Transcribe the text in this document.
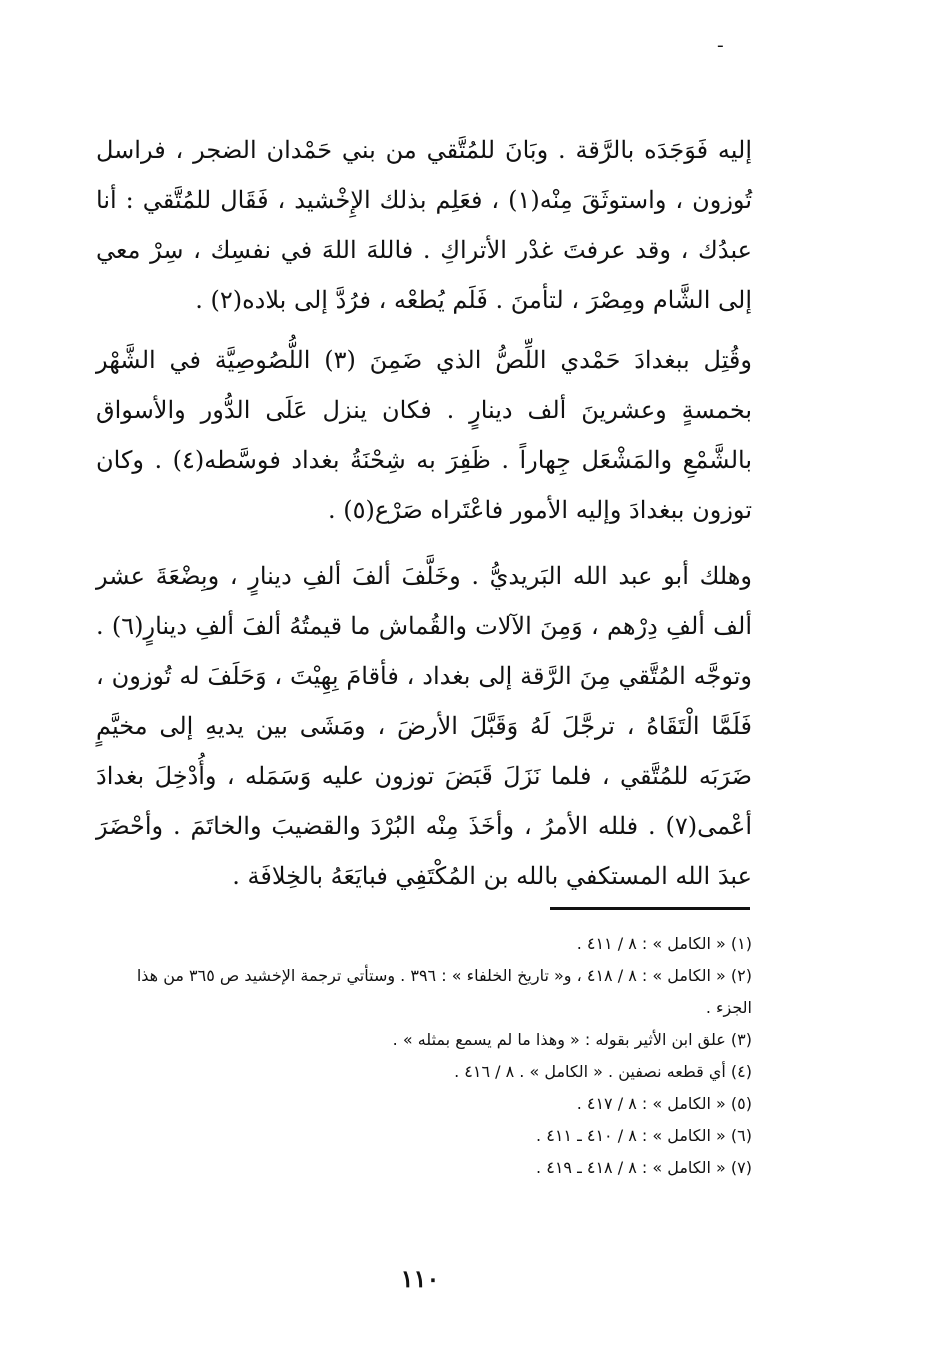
ـ

إليه فَوَجَدَه بالرَّقة . وبَانَ للمُتَّقي من بني حَمْدان الضجر ، فراسل تُوزون ، واستوثَقَ مِنْه(١) ، فعَلِم بذلك الإِخْشيد ، فَقَال للمُتَّقي : أنا عبدُك ، وقد عرفتَ غدْر الأتراكِ . فاللهَ اللهَ في نفسِك ، سِرْ معي إلى الشَّام ومِصْرَ ، لتأمنَ . فَلَم يُطعْه ، فرُدَّ إلى بلاده(٢) .

وقُتِل ببغدادَ حَمْدي اللِّصُّ الذي ضَمِنَ (٣) اللُّصُوصِيَّة في الشَّهْر بخمسةٍ وعشرينَ ألف دينارٍ . فكان ينزل عَلَى الدُّور والأسواق بالشَّمْعِ والمَشْعَل جِهاراً . ظَفِرَ به شِحْنَةُ بغداد فوسَّطه(٤) . وكان توزون ببغدادَ وإليه الأمور فاعْتَراه صَرْع(٥) .

وهلك أبو عبد الله البَريديُّ . وخَلَّفَ ألفَ ألفِ دينارٍ ، وبِضْعَةَ عشر ألف ألفِ دِرْهم ، وَمِنَ الآلات والقُماش ما قيمتُهُ ألفَ ألفِ دينارٍ(٦) . وتوجَّه المُتَّقي مِنَ الرَّقة إلى بغداد ، فأقامَ بِهِيْتَ ، وَحَلَفَ له تُوزون ، فَلَمَّا الْتَقَاهُ ، ترجَّلَ لَهُ وَقَبَّلَ الأرضَ ، ومَشَى بين يديهِ إلى مخيَّمٍ ضَرَبَه للمُتَّقي ، فلما نَزَلَ قَبَضَ توزون عليه وَسَمَله ، وأُدْخِلَ بغدادَ أعْمى(٧) . فلله الأمرُ ، وأخَذَ مِنْه البُرْدَ والقضيبَ والخاتَمَ . وأحْضَرَ عبدَ الله المستكفي بالله بن المُكْتَفِي فبايَعَهُ بالخِلافَة .

(١) « الكامل » : ٨ / ٤١١ .

(٢) « الكامل » : ٨ / ٤١٨ ، و« تاريخ الخلفاء » : ٣٩٦ . وستأتي ترجمة الإخشيد ص ٣٦٥ من هذا الجزء .

(٣) علق ابن الأثير بقوله : « وهذا ما لم يسمع بمثله » .

(٤) أي قطعه نصفين . « الكامل » . ٨ / ٤١٦ .

(٥) « الكامل » : ٨ / ٤١٧ .

(٦) « الكامل » : ٨ / ٤١٠ ـ ٤١١ .

(٧) « الكامل » : ٨ / ٤١٨ ـ ٤١٩ .

١١٠
